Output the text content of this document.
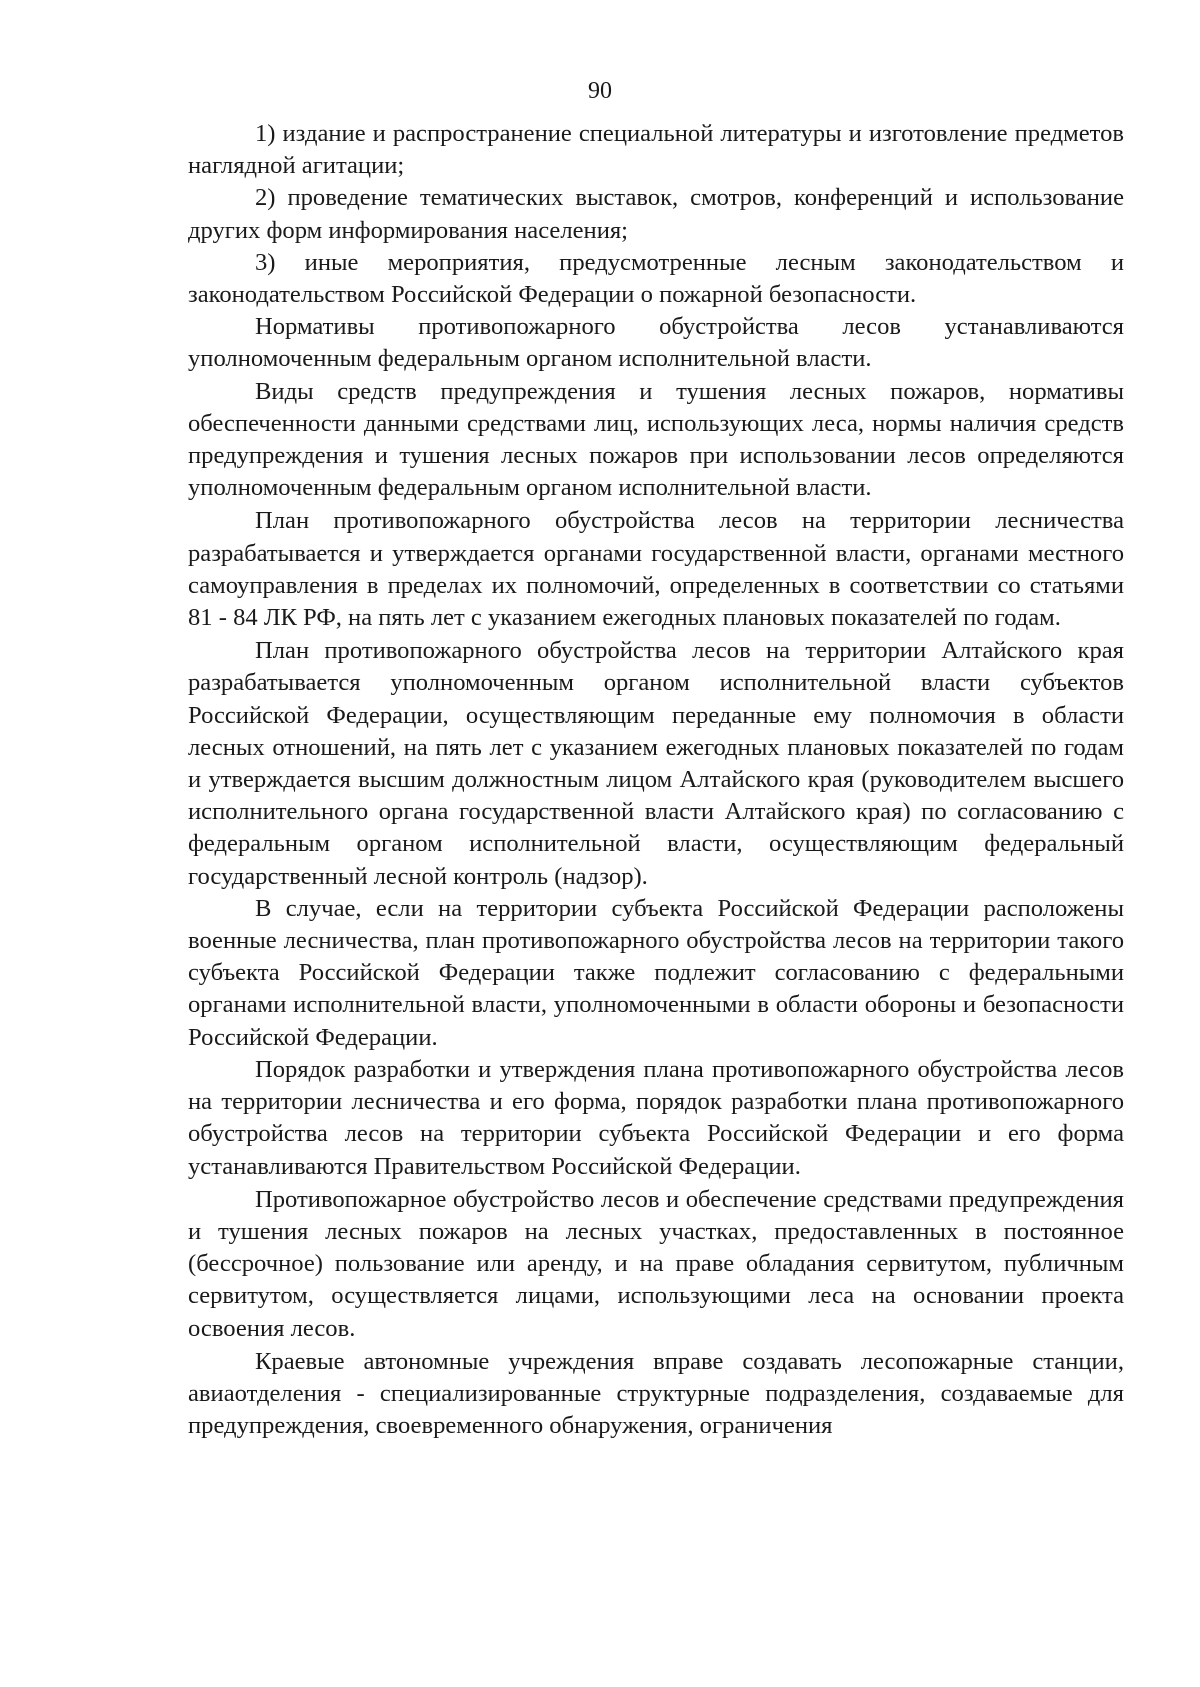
90

1) издание и распространение специальной литературы и изготовление предметов наглядной агитации;

2) проведение тематических выставок, смотров, конференций и использование других форм информирования населения;

3) иные мероприятия, предусмотренные лесным законодательством и законодательством Российской Федерации о пожарной безопасности.

Нормативы противопожарного обустройства лесов устанавливаются уполномоченным федеральным органом исполнительной власти.

Виды средств предупреждения и тушения лесных пожаров, нормативы обеспеченности данными средствами лиц, использующих леса, нормы наличия средств предупреждения и тушения лесных пожаров при использовании лесов определяются уполномоченным федеральным органом исполнительной власти.

План противопожарного обустройства лесов на территории лесничества разрабатывается и утверждается органами государственной власти, органами местного самоуправления в пределах их полномочий, определенных в соответствии со статьями 81 - 84 ЛК РФ, на пять лет с указанием ежегодных плановых показателей по годам.

План противопожарного обустройства лесов на территории Алтайского края разрабатывается уполномоченным органом исполнительной власти субъектов Российской Федерации, осуществляющим переданные ему полномочия в области лесных отношений, на пять лет с указанием ежегодных плановых показателей по годам и утверждается высшим должностным лицом Алтайского края (руководителем высшего исполнительного органа государственной власти Алтайского края) по согласованию с федеральным органом исполнительной власти, осуществляющим федеральный государственный лесной контроль (надзор).

В случае, если на территории субъекта Российской Федерации расположены военные лесничества, план противопожарного обустройства лесов на территории такого субъекта Российской Федерации также подлежит согласованию с федеральными органами исполнительной власти, уполномоченными в области обороны и безопасности Российской Федерации.

Порядок разработки и утверждения плана противопожарного обустройства лесов на территории лесничества и его форма, порядок разработки плана противопожарного обустройства лесов на территории субъекта Российской Федерации и его форма устанавливаются Правительством Российской Федерации.

Противопожарное обустройство лесов и обеспечение средствами предупреждения и тушения лесных пожаров на лесных участках, предоставленных в постоянное (бессрочное) пользование или аренду, и на праве обладания сервитутом, публичным сервитутом, осуществляется лицами, использующими леса на основании проекта освоения лесов.

Краевые автономные учреждения вправе создавать лесопожарные станции, авиаотделения - специализированные структурные подразделения, создаваемые для предупреждения, своевременного обнаружения, ограничения
